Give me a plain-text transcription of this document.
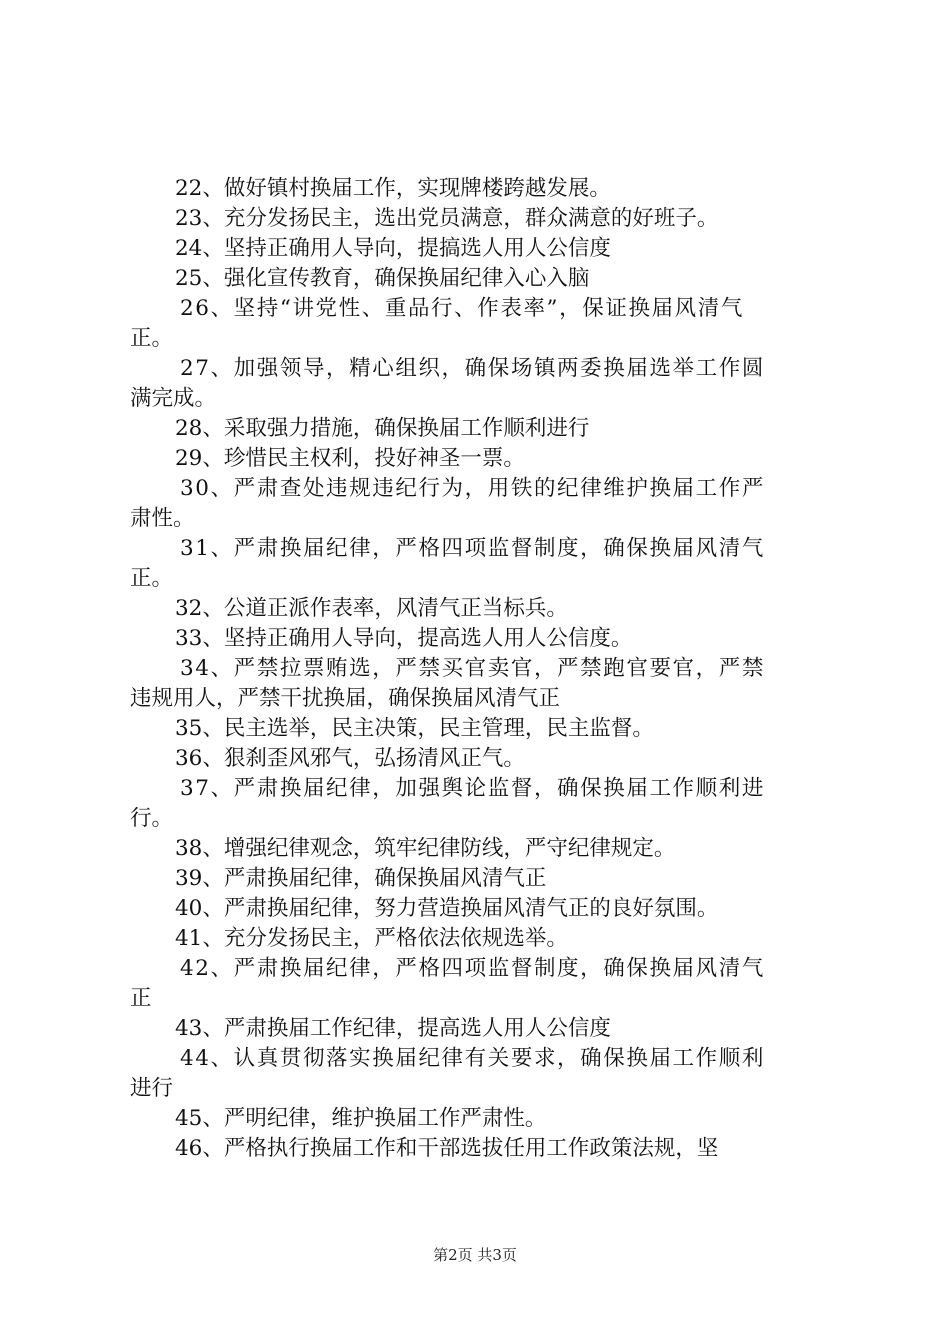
22、做好镇村换届工作，实现牌楼跨越发展。
23、充分发扬民主，选出党员满意，群众满意的好班子。
24、坚持正确用人导向，提搞选人用人公信度
25、强化宣传教育，确保换届纪律入心入脑
26、坚持“讲党性、重品行、作表率”，保证换届风清气
正。
27、加强领导，精心组织，确保场镇两委换届选举工作圆
满完成。
28、采取强力措施，确保换届工作顺利进行
29、珍惜民主权利，投好神圣一票。
30、严肃查处违规违纪行为，用铁的纪律维护换届工作严
肃性。
31、严肃换届纪律，严格四项监督制度，确保换届风清气
正。
32、公道正派作表率，风清气正当标兵。
33、坚持正确用人导向，提高选人用人公信度。
34、严禁拉票贿选，严禁买官卖官，严禁跑官要官，严禁
违规用人，严禁干扰换届，确保换届风清气正
35、民主选举，民主决策，民主管理，民主监督。
36、狠刹歪风邪气，弘扬清风正气。
37、严肃换届纪律，加强舆论监督，确保换届工作顺利进
行。
38、增强纪律观念，筑牢纪律防线，严守纪律规定。
39、严肃换届纪律，确保换届风清气正
40、严肃换届纪律，努力营造换届风清气正的良好氛围。
41、充分发扬民主，严格依法依规选举。
42、严肃换届纪律，严格四项监督制度，确保换届风清气
正
43、严肃换届工作纪律，提高选人用人公信度
44、认真贯彻落实换届纪律有关要求，确保换届工作顺利
进行
45、严明纪律，维护换届工作严肃性。
46、严格执行换届工作和干部选拔任用工作政策法规，坚
第2页 共3页
